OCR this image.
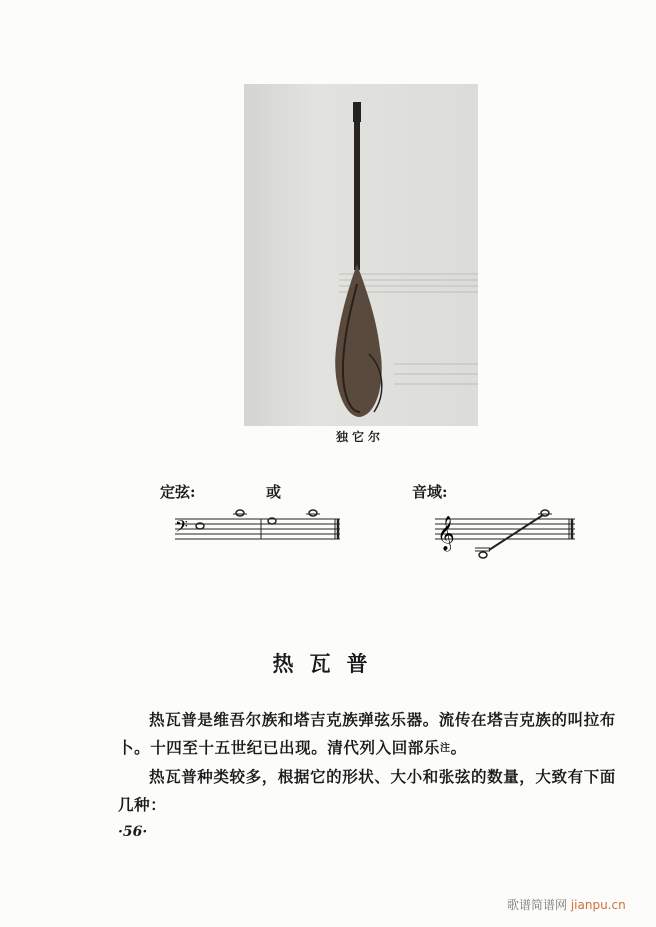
独它尔
定弦:	或	音域:
𝄢	𝄞
热瓦普
热瓦普是维吾尔族和塔吉克族弹弦乐器。流传在塔吉克族的叫拉布卜。十四至十五世纪已出现。清代列入回部乐$^注$。
热瓦普种类较多，根据它的形状、大小和张弦的数量，大致有下面几种：
·56·
歌谱简谱网 jianpu.cn
